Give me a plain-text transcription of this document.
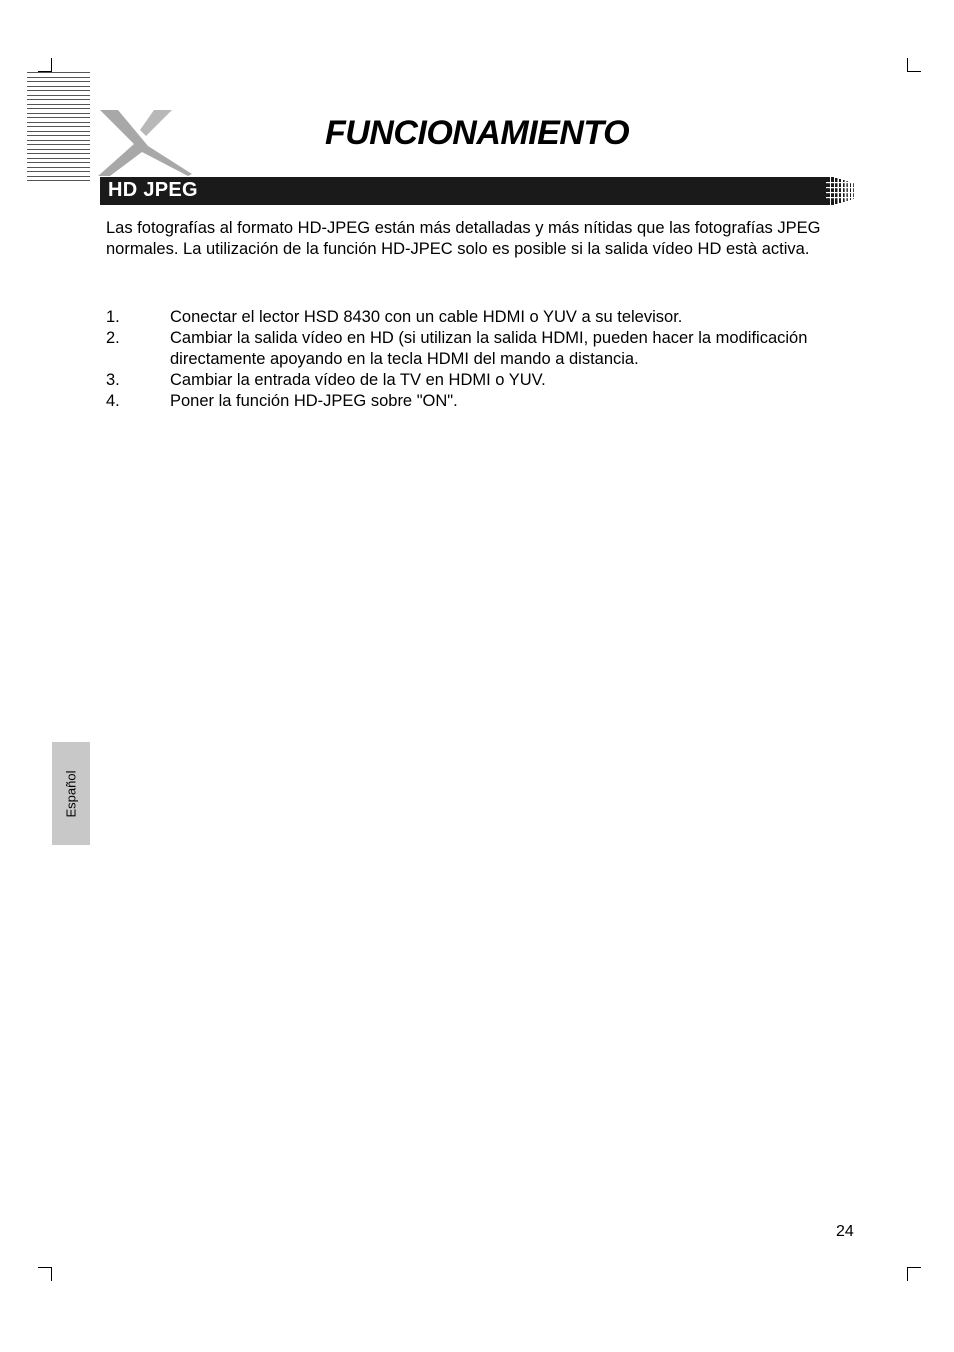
FUNCIONAMIENTO
HD JPEG

Las fotografías al formato HD-JPEG están más detalladas y más nítidas que las fotografías JPEG normales. La utilización de la función HD-JPEC solo es posible si la salida vídeo HD està activa.

1.	Conectar el lector HSD 8430 con un cable HDMI o YUV a su televisor.
2.	Cambiar la salida vídeo en HD (si utilizan la salida HDMI, pueden hacer la modificación directamente apoyando en la tecla HDMI del mando a distancia.
3.	Cambiar la entrada vídeo de la TV en HDMI o YUV.
4.	Poner la función HD-JPEG sobre "ON".
Español
24
